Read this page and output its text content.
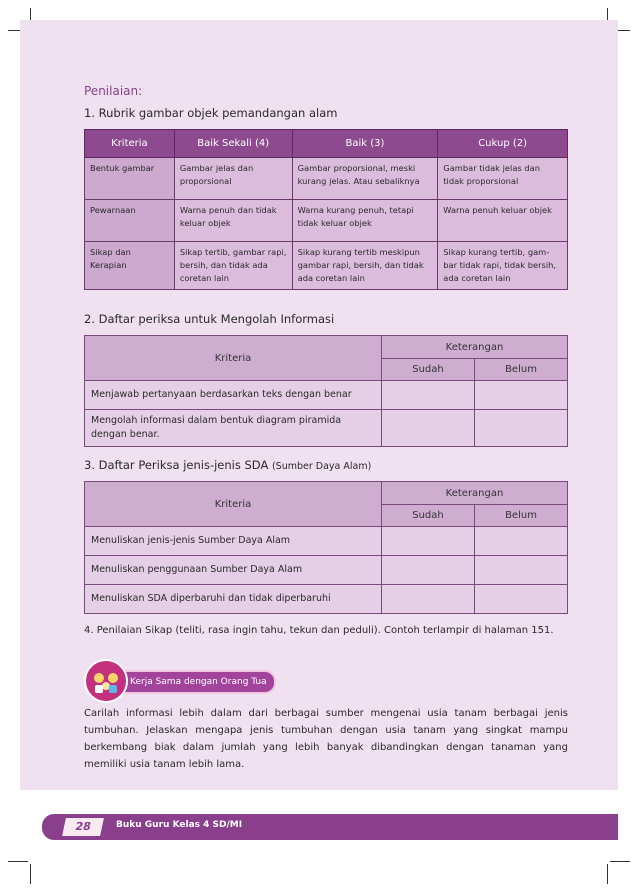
Penilaian:

1. Rubrik gambar objek pemandangan alam

Kriteria	Baik Sekali (4)	Baik (3)	Cukup (2)
Bentuk gambar	Gambar jelas dan proporsional	Gambar proporsional, meski kurang jelas. Atau sebaliknya	Gambar tidak jelas dan tidak proporsional
Pewarnaan	Warna penuh dan tidak keluar objek	Warna kurang penuh, tetapi tidak keluar objek	Warna penuh keluar objek
Sikap dan Kerapian	Sikap tertib, gambar rapi, bersih, dan tidak ada coretan lain	Sikap kurang tertib meskipun gambar rapi, bersih, dan tidak ada coretan lain	Sikap kurang tertib, gam-bar tidak rapi, tidak bersih, ada coretan lain

2. Daftar periksa untuk Mengolah Informasi

Kriteria	Keterangan	
	Sudah	Belum
Menjawab pertanyaan berdasarkan teks dengan benar		
Mengolah informasi dalam bentuk diagram piramida dengan benar.		

3. Daftar Periksa jenis-jenis SDA (Sumber Daya Alam)

Kriteria	Keterangan	
	Sudah	Belum
Menuliskan jenis-jenis Sumber Daya Alam		
Menuliskan penggunaan Sumber Daya Alam		
Menuliskan SDA diperbaruhi dan tidak diperbaruhi		

4. Penilaian Sikap (teliti, rasa ingin tahu, tekun dan peduli). Contoh terlampir di halaman 151.

Kerja Sama dengan Orang Tua

Carilah informasi lebih dalam dari berbagai sumber mengenai usia tanam berbagai jenis tumbuhan. Jelaskan mengapa jenis tumbuhan dengan usia tanam yang singkat mampu berkembang biak dalam jumlah yang lebih banyak dibandingkan dengan tanaman yang memiliki usia tanam lebih lama.

28	Buku Guru Kelas 4 SD/MI
